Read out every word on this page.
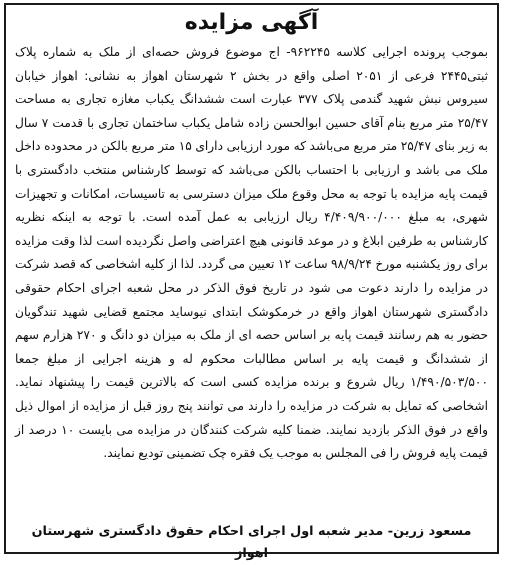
آگهی مزایده
بموجب پرونده اجرایی کلاسه ۹۶۲۲۴۵- اج موضوع فروش حصه‌ای از ملک به شماره پلاک ثبتی۲۴۴۵ فرعی از ۲۰۵۱ اصلی واقع در بخش ۲ شهرستان اهواز به نشانی: اهواز خیابان سیروس نبش شهید گندمی پلاک ۳۷۷ عبارت است ششدانگ یکباب مغازه تجاری به مساحت ۲۵/۴۷ متر مربع بنام آقای حسین ابوالحسن زاده شامل یکباب ساختمان تجاری با قدمت ۷ سال به زیر بنای ۲۵/۴۷ متر مربع می‌باشد که مورد ارزیابی دارای ۱۵ متر مربع بالکن در محدوده داخل ملک می باشد و ارزیابی با احتساب بالکن می‌باشد که توسط کارشناس منتخب دادگستری با قیمت پایه مزایده با توجه به محل وقوع ملک میزان دسترسی به تاسیسات، امکانات و تجهیزات شهری، به مبلغ ۴/۴۰۹/۹۰۰/۰۰۰ ریال ارزیابی به عمل آمده است. با توجه به اینکه نظریه کارشناس به طرفین ابلاغ و در موعد قانونی هیچ اعتراضی واصل نگردیده است لذا وقت مزایده برای روز یکشنبه مورخ ۹۸/۹/۲۴ ساعت ۱۲ تعیین می گردد. لذا از کلیه اشخاصی که قصد شرکت در مزایده را دارند دعوت می شود در تاریخ فوق الذکر در محل شعبه اجرای احکام حقوقی دادگستری شهرستان اهواز واقع در خرمکوشک ابتدای نیوساید مجتمع قضایی شهید تندگویان حضور به هم رسانند قیمت پایه بر اساس حصه ای از ملک به میزان دو دانگ و ۲۷۰ هزارم سهم از ششدانگ و قیمت پایه بر اساس مطالبات محکوم له و هزینه اجرایی از مبلغ جمعا ۱/۴۹۰/۵۰۳/۵۰۰ ریال شروع و برنده مزایده کسی است که بالاترین قیمت را پیشنهاد نماید. اشخاصی که تمایل به شرکت در مزایده را دارند می توانند پنج روز قبل از مزایده از اموال ذیل واقع در فوق الذکر بازدید نمایند. ضمنا کلیه شرکت کنندگان در مزایده می بایست ۱۰ درصد از قیمت پایه فروش را فی المجلس به موجب یک فقره چک تضمینی تودیع نمایند.
مسعود زرین- مدیر شعبه اول اجرای احکام حقوق دادگستری شهرستان اهواز
